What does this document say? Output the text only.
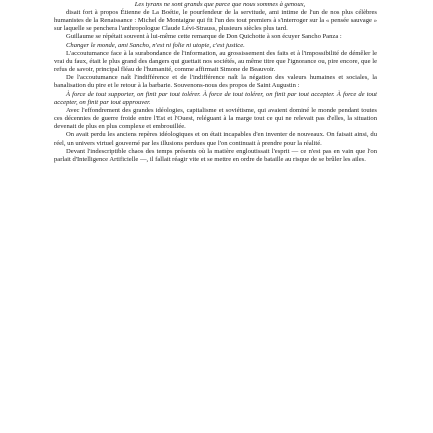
Les tyrans ne sont grands que parce que nous sommes à genoux,

disait fort à propos Étienne de La Boétie, le pourfendeur de la servitude, ami intime de l'un de nos plus célèbres humanistes de la Renaissance : Michel de Montaigne qui fit l'un des tout premiers à s'interroger sur la « pensée sauvage » sur laquelle se penchera l'anthropologue Claude Lévi-Strauss, plusieurs siècles plus tard.

Guillaume se répétait souvent à lui-même cette remarque de Don Quichotte à son écuyer Sancho Panza :

Changer le monde, ami Sancho, n'est ni folie ni utopie, c'est justice.

L'accoutumance face à la surabondance de l'information, au grossissement des faits et à l'impossibilité de démêler le vrai du faux, était le plus grand des dangers qui guettait nos sociétés, au même titre que l'ignorance ou, pire encore, que le refus de savoir, principal fléau de l'humanité, comme affirmait Simone de Beauvoir.

De l'accoutumance naît l'indifférence et de l'indifférence naît la négation des valeurs humaines et sociales, la banalisation du pire et le retour à la barbarie. Souvenons-nous des propos de Saint Augustin :

À force de tout supporter, on finit par tout tolérer. À force de tout tolérer, on finit par tout accepter. À force de tout accepter, on finit par tout approuver.

Avec l'effondrement des grandes idéologies, capitalisme et soviétisme, qui avaient dominé le monde pendant toutes ces décennies de guerre froide entre l'Est et l'Ouest, reléguant à la marge tout ce qui ne relevait pas d'elles, la situation devenait de plus en plus complexe et embrouillée.

On avait perdu les anciens repères idéologiques et on était incapables d'en inventer de nouveaux. On faisait ainsi, du réel, un univers virtuel gouverné par les illusions perdues que l'on continuait à prendre pour la réalité.

Devant l'indescriptible chaos des temps présents où la matière engloutissait l'esprit — ce n'est pas en vain que l'on parlait d'Intelligence Artificielle —, il fallait réagir vite et se mettre en ordre de bataille au risque de se brûler les ailes.
